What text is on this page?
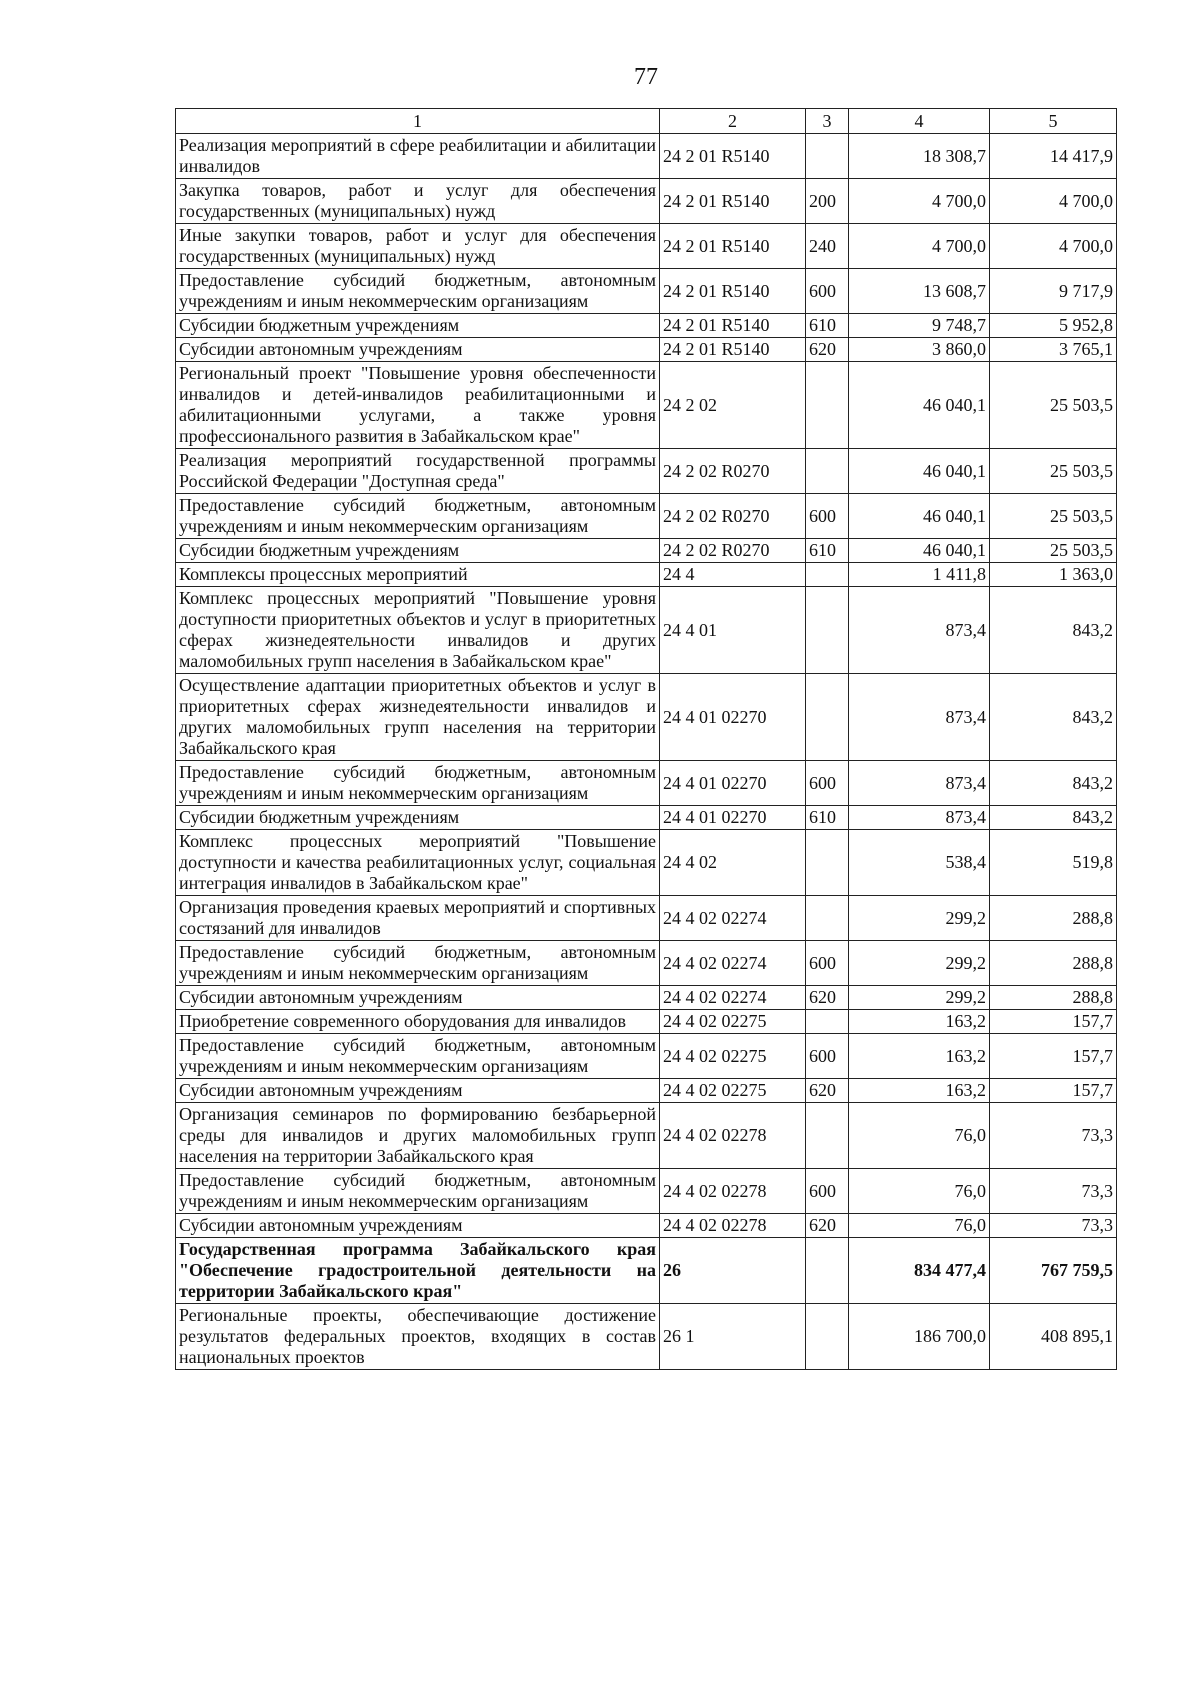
77
1	2	3	4	5
Реализация мероприятий в сфере реабилитации и абилитации инвалидов	24 2 01 R5140		18 308,7	14 417,9
Закупка товаров, работ и услуг для обеспечения государственных (муниципальных) нужд	24 2 01 R5140	200	4 700,0	4 700,0
Иные закупки товаров, работ и услуг для обеспечения государственных (муниципальных) нужд	24 2 01 R5140	240	4 700,0	4 700,0
Предоставление субсидий бюджетным, автономным учреждениям и иным некоммерческим организациям	24 2 01 R5140	600	13 608,7	9 717,9
Субсидии бюджетным учреждениям	24 2 01 R5140	610	9 748,7	5 952,8
Субсидии автономным учреждениям	24 2 01 R5140	620	3 860,0	3 765,1
Региональный проект "Повышение уровня обеспеченности инвалидов и детей-инвалидов реабилитационными и абилитационными услугами, а также уровня профессионального развития в Забайкальском крае"	24 2 02		46 040,1	25 503,5
Реализация мероприятий государственной программы Российской Федерации "Доступная среда"	24 2 02 R0270		46 040,1	25 503,5
Предоставление субсидий бюджетным, автономным учреждениям и иным некоммерческим организациям	24 2 02 R0270	600	46 040,1	25 503,5
Субсидии бюджетным учреждениям	24 2 02 R0270	610	46 040,1	25 503,5
Комплексы процессных мероприятий	24 4		1 411,8	1 363,0
Комплекс процессных мероприятий "Повышение уровня доступности приоритетных объектов и услуг в приоритетных сферах жизнедеятельности инвалидов и других маломобильных групп населения в Забайкальском крае"	24 4 01		873,4	843,2
Осуществление адаптации приоритетных объектов и услуг в приоритетных сферах жизнедеятельности инвалидов и других маломобильных групп населения на территории Забайкальского края	24 4 01 02270		873,4	843,2
Предоставление субсидий бюджетным, автономным учреждениям и иным некоммерческим организациям	24 4 01 02270	600	873,4	843,2
Субсидии бюджетным учреждениям	24 4 01 02270	610	873,4	843,2
Комплекс процессных мероприятий "Повышение доступности и качества реабилитационных услуг, социальная интеграция инвалидов в Забайкальском крае"	24 4 02		538,4	519,8
Организация проведения краевых мероприятий и спортивных состязаний для инвалидов	24 4 02 02274		299,2	288,8
Предоставление субсидий бюджетным, автономным учреждениям и иным некоммерческим организациям	24 4 02 02274	600	299,2	288,8
Субсидии автономным учреждениям	24 4 02 02274	620	299,2	288,8
Приобретение современного оборудования для инвалидов	24 4 02 02275		163,2	157,7
Предоставление субсидий бюджетным, автономным учреждениям и иным некоммерческим организациям	24 4 02 02275	600	163,2	157,7
Субсидии автономным учреждениям	24 4 02 02275	620	163,2	157,7
Организация семинаров по формированию безбарьерной среды для инвалидов и других маломобильных групп населения на территории Забайкальского края	24 4 02 02278		76,0	73,3
Предоставление субсидий бюджетным, автономным учреждениям и иным некоммерческим организациям	24 4 02 02278	600	76,0	73,3
Субсидии автономным учреждениям	24 4 02 02278	620	76,0	73,3
Государственная программа Забайкальского края "Обеспечение градостроительной деятельности на территории Забайкальского края"	26		834 477,4	767 759,5
Региональные проекты, обеспечивающие достижение результатов федеральных проектов, входящих в состав национальных проектов	26 1		186 700,0	408 895,1
